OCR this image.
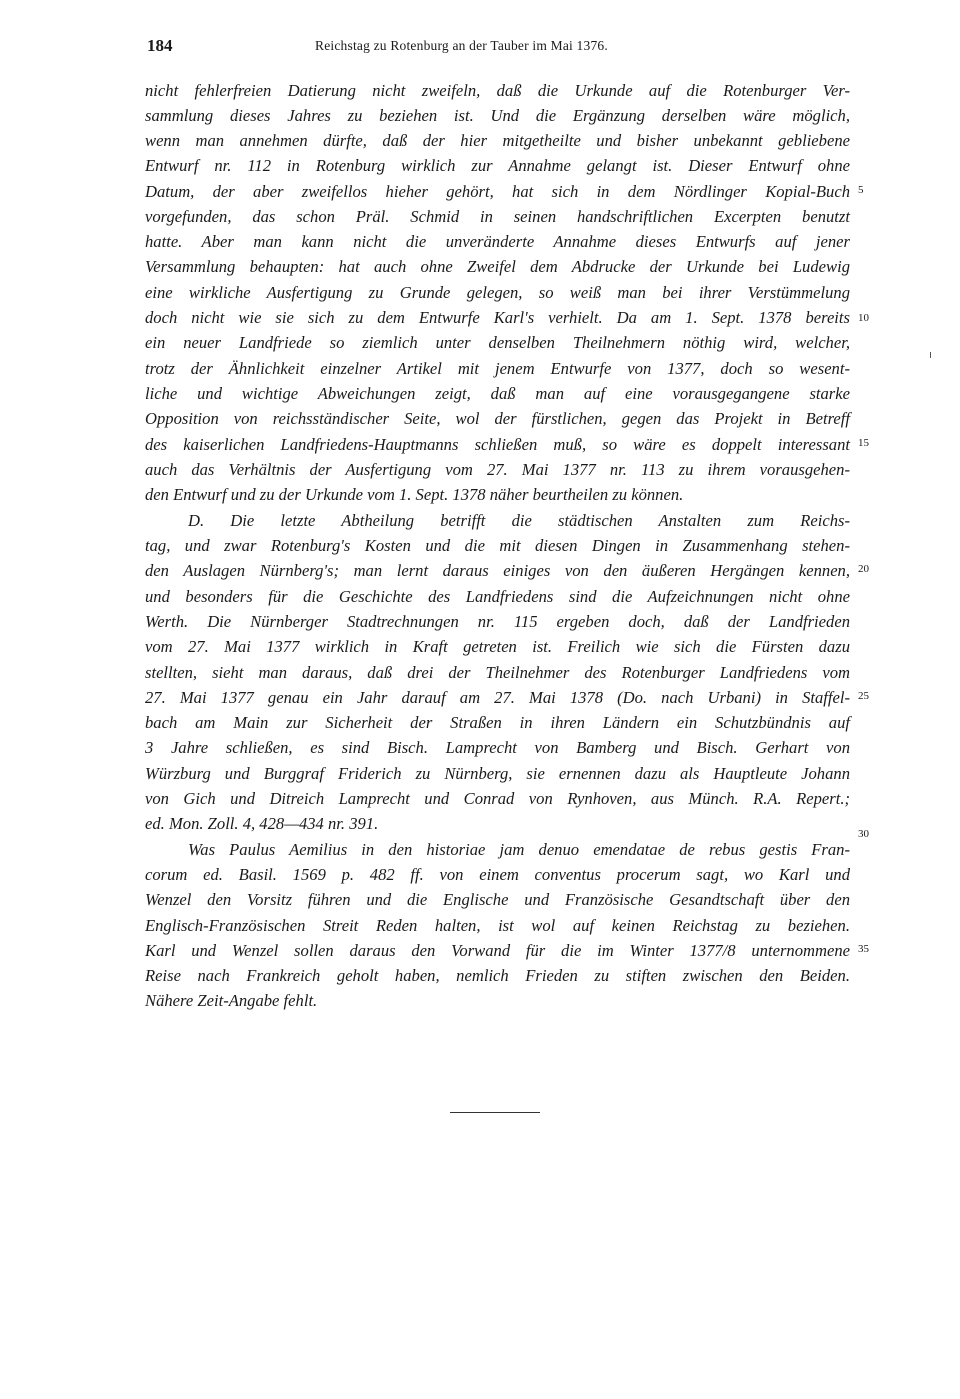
184	Reichstag zu Rotenburg an der Tauber im Mai 1376.
nicht fehlerfreien Datierung nicht zweifeln, daß die Urkunde auf die Rotenburger Ver-
sammlung dieses Jahres zu beziehen ist. Und die Ergänzung derselben wäre möglich,
wenn man annehmen dürfte, daß der hier mitgetheilte und bisher unbekannt gebliebene
Entwurf nr. 112 in Rotenburg wirklich zur Annahme gelangt ist. Dieser Entwurf ohne
Datum, der aber zweifellos hieher gehört, hat sich in dem Nördlinger Kopial-Buch
vorgefunden, das schon Präl. Schmid in seinen handschriftlichen Excerpten benutzt
hatte. Aber man kann nicht die unveränderte Annahme dieses Entwurfs auf jener
Versammlung behaupten: hat auch ohne Zweifel dem Abdrucke der Urkunde bei Ludewig
eine wirkliche Ausfertigung zu Grunde gelegen, so weiß man bei ihrer Verstümmelung
doch nicht wie sie sich zu dem Entwurfe Karl's verhielt. Da am 1. Sept. 1378 bereits
ein neuer Landfriede so ziemlich unter denselben Theilnehmern nöthig wird, welcher,
trotz der Ähnlichkeit einzelner Artikel mit jenem Entwurfe von 1377, doch so wesent-
liche und wichtige Abweichungen zeigt, daß man auf eine vorausgegangene starke
Opposition von reichsständischer Seite, wol der fürstlichen, gegen das Projekt in Betreff
des kaiserlichen Landfriedens-Hauptmanns schließen muß, so wäre es doppelt interessant
auch das Verhältnis der Ausfertigung vom 27. Mai 1377 nr. 113 zu ihrem vorausgehen-
den Entwurf und zu der Urkunde vom 1. Sept. 1378 näher beurtheilen zu können.
D. Die letzte Abtheilung betrifft die städtischen Anstalten zum Reichs-
tag, und zwar Rotenburg's Kosten und die mit diesen Dingen in Zusammenhang stehen-
den Auslagen Nürnberg's; man lernt daraus einiges von den äußeren Hergängen kennen,
und besonders für die Geschichte des Landfriedens sind die Aufzeichnungen nicht ohne
Werth. Die Nürnberger Stadtrechnungen nr. 115 ergeben doch, daß der Landfrieden
vom 27. Mai 1377 wirklich in Kraft getreten ist. Freilich wie sich die Fürsten dazu
stellten, sieht man daraus, daß drei der Theilnehmer des Rotenburger Landfriedens vom
27. Mai 1377 genau ein Jahr darauf am 27. Mai 1378 (Do. nach Urbani) in Staffel-
bach am Main zur Sicherheit der Straßen in ihren Ländern ein Schutzbündnis auf
3 Jahre schließen, es sind Bisch. Lamprecht von Bamberg und Bisch. Gerhart von
Würzburg und Burggraf Friderich zu Nürnberg, sie ernennen dazu als Hauptleute Johann
von Gich und Ditreich Lamprecht und Conrad von Rynhoven, aus Münch. R.A. Repert.;
ed. Mon. Zoll. 4, 428—434 nr. 391.
Was Paulus Aemilius in den historiae jam denuo emendatae de rebus gestis Fran-
corum ed. Basil. 1569 p. 482 ff. von einem conventus procerum sagt, wo Karl und
Wenzel den Vorsitz führen und die Englische und Französische Gesandtschaft über den
Englisch-Französischen Streit Reden halten, ist wol auf keinen Reichstag zu beziehen.
Karl und Wenzel sollen daraus den Vorwand für die im Winter 1377/8 unternommene
Reise nach Frankreich geholt haben, nemlich Frieden zu stiften zwischen den Beiden.
Nähere Zeit-Angabe fehlt.
5
10
15
20
25
30
35
